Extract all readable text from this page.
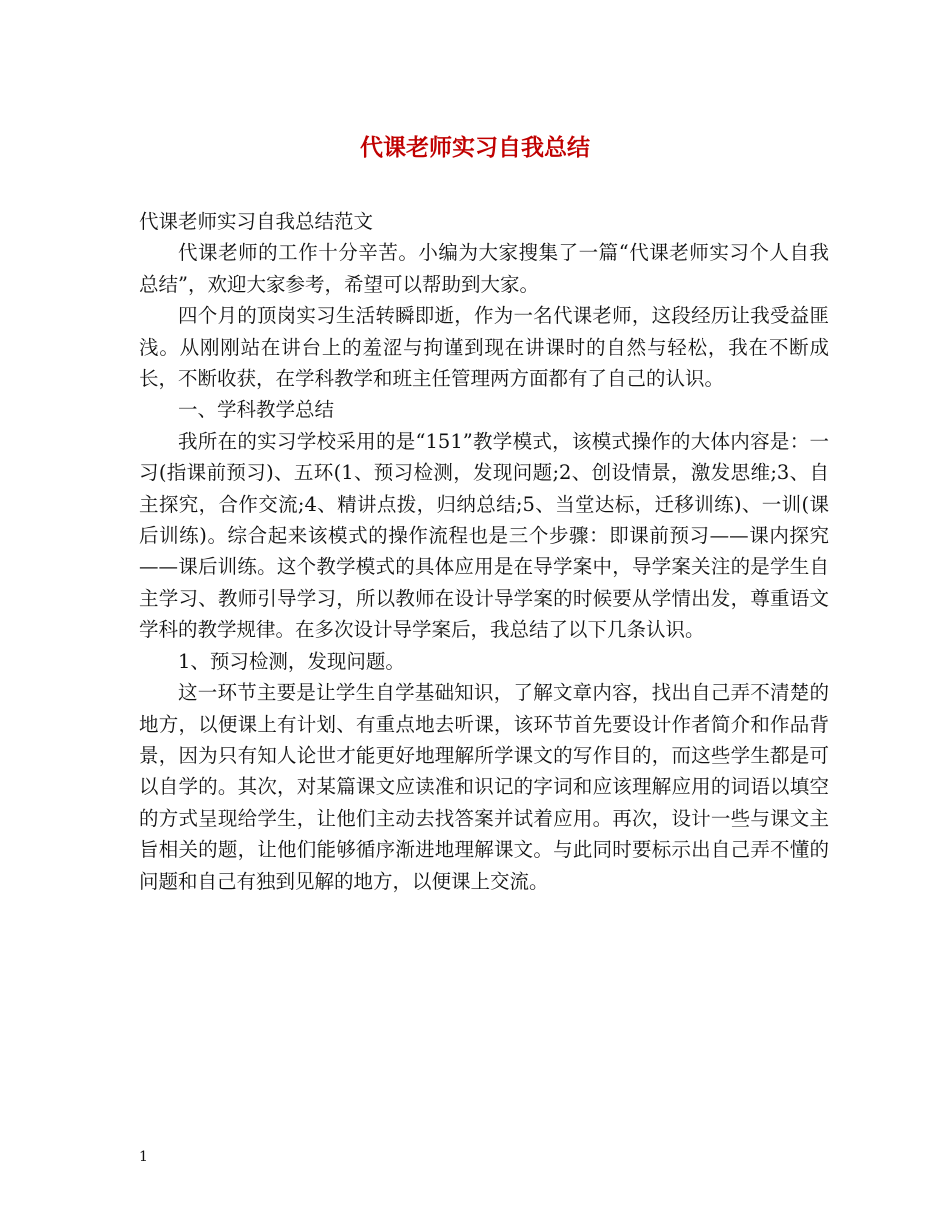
代课老师实习自我总结

代课老师实习自我总结范文

代课老师的工作十分辛苦。小编为大家搜集了一篇“代课老师实习个人自我总结”，欢迎大家参考，希望可以帮助到大家。

四个月的顶岗实习生活转瞬即逝，作为一名代课老师，这段经历让我受益匪浅。从刚刚站在讲台上的羞涩与拘谨到现在讲课时的自然与轻松，我在不断成长，不断收获，在学科教学和班主任管理两方面都有了自己的认识。

一、学科教学总结

我所在的实习学校采用的是“151”教学模式，该模式操作的大体内容是：一习(指课前预习)、五环(1、预习检测，发现问题;2、创设情景，激发思维;3、自主探究，合作交流;4、精讲点拨，归纳总结;5、当堂达标，迁移训练)、一训(课后训练)。综合起来该模式的操作流程也是三个步骤：即课前预习——课内探究——课后训练。这个教学模式的具体应用是在导学案中，导学案关注的是学生自主学习、教师引导学习，所以教师在设计导学案的时候要从学情出发，尊重语文学科的教学规律。在多次设计导学案后，我总结了以下几条认识。

1、预习检测，发现问题。

这一环节主要是让学生自学基础知识，了解文章内容，找出自己弄不清楚的地方，以便课上有计划、有重点地去听课，该环节首先要设计作者简介和作品背景，因为只有知人论世才能更好地理解所学课文的写作目的，而这些学生都是可以自学的。其次，对某篇课文应读准和识记的字词和应该理解应用的词语以填空的方式呈现给学生，让他们主动去找答案并试着应用。再次，设计一些与课文主旨相关的题，让他们能够循序渐进地理解课文。与此同时要标示出自己弄不懂的问题和自己有独到见解的地方，以便课上交流。

1
